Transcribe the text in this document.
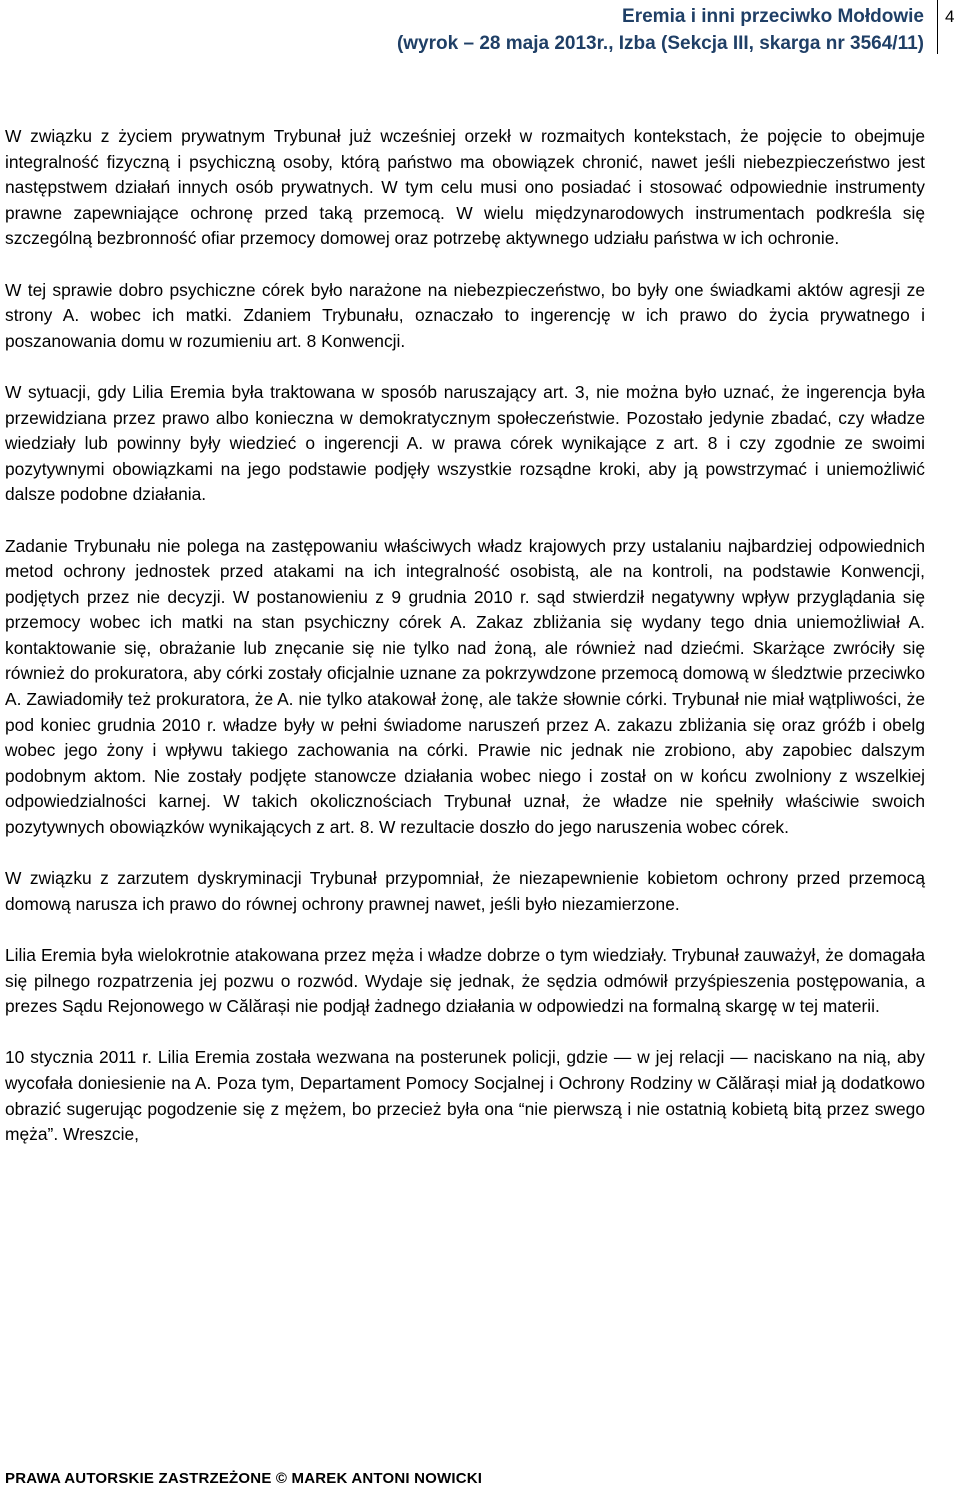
Eremia i inni przeciwko Mołdowie
(wyrok – 28 maja 2013r., Izba (Sekcja III, skarga nr 3564/11)
4

W związku z życiem prywatnym Trybunał już wcześniej orzekł w rozmaitych kontekstach, że pojęcie to obejmuje integralność fizyczną i psychiczną osoby, którą państwo ma obowiązek chronić, nawet jeśli niebezpieczeństwo jest następstwem działań innych osób prywatnych. W tym celu musi ono posiadać i stosować odpowiednie instrumenty prawne zapewniające ochronę przed taką przemocą. W wielu międzynarodowych instrumentach podkreśla się szczególną bezbronność ofiar przemocy domowej oraz potrzebę aktywnego udziału państwa w ich ochronie.

W tej sprawie dobro psychiczne córek było narażone na niebezpieczeństwo, bo były one świadkami aktów agresji ze strony A. wobec ich matki. Zdaniem Trybunału, oznaczało to ingerencję w ich prawo do życia prywatnego i poszanowania domu w rozumieniu art. 8 Konwencji.

W sytuacji, gdy Lilia Eremia była traktowana w sposób naruszający art. 3, nie można było uznać, że ingerencja była przewidziana przez prawo albo konieczna w demokratycznym społeczeństwie. Pozostało jedynie zbadać, czy władze wiedziały lub powinny były wiedzieć o ingerencji A. w prawa córek wynikające z art. 8 i czy zgodnie ze swoimi pozytywnymi obowiązkami na jego podstawie podjęły wszystkie rozsądne kroki, aby ją powstrzymać i uniemożliwić dalsze podobne działania.

Zadanie Trybunału nie polega na zastępowaniu właściwych władz krajowych przy ustalaniu najbardziej odpowiednich metod ochrony jednostek przed atakami na ich integralność osobistą, ale na kontroli, na podstawie Konwencji, podjętych przez nie decyzji. W postanowieniu z 9 grudnia 2010 r. sąd stwierdził negatywny wpływ przyglądania się przemocy wobec ich matki na stan psychiczny córek A. Zakaz zbliżania się wydany tego dnia uniemożliwiał A. kontaktowanie się, obrażanie lub znęcanie się nie tylko nad żoną, ale również nad dziećmi. Skarżące zwróciły się również do prokuratora, aby córki zostały oficjalnie uznane za pokrzywdzone przemocą domową w śledztwie przeciwko A. Zawiadomiły też prokuratora, że A. nie tylko atakował żonę, ale także słownie córki. Trybunał nie miał wątpliwości, że pod koniec grudnia 2010 r. władze były w pełni świadome naruszeń przez A. zakazu zbliżania się oraz gróźb i obelg wobec jego żony i wpływu takiego zachowania na córki. Prawie nic jednak nie zrobiono, aby zapobiec dalszym podobnym aktom. Nie zostały podjęte stanowcze działania wobec niego i został on w końcu zwolniony z wszelkiej odpowiedzialności karnej. W takich okolicznościach Trybunał uznał, że władze nie spełniły właściwie swoich pozytywnych obowiązków wynikających z art. 8. W rezultacie doszło do jego naruszenia wobec córek.

W związku z zarzutem dyskryminacji Trybunał przypomniał, że niezapewnienie kobietom ochrony przed przemocą domową narusza ich prawo do równej ochrony prawnej nawet, jeśli było niezamierzone.

Lilia Eremia była wielokrotnie atakowana przez męża i władze dobrze o tym wiedziały. Trybunał zauważył, że domagała się pilnego rozpatrzenia jej pozwu o rozwód. Wydaje się jednak, że sędzia odmówił przyśpieszenia postępowania, a prezes Sądu Rejonowego w Călărași nie podjął żadnego działania w odpowiedzi na formalną skargę w tej materii.

10 stycznia 2011 r. Lilia Eremia została wezwana na posterunek policji, gdzie — w jej relacji — naciskano na nią, aby wycofała doniesienie na A. Poza tym, Departament Pomocy Socjalnej i Ochrony Rodziny w Călărași miał ją dodatkowo obrazić sugerując pogodzenie się z mężem, bo przecież była ona “nie pierwszą i nie ostatnią kobietą bitą przez swego męża”. Wreszcie,

PRAWA AUTORSKIE ZASTRZEŻONE © MAREK ANTONI NOWICKI
